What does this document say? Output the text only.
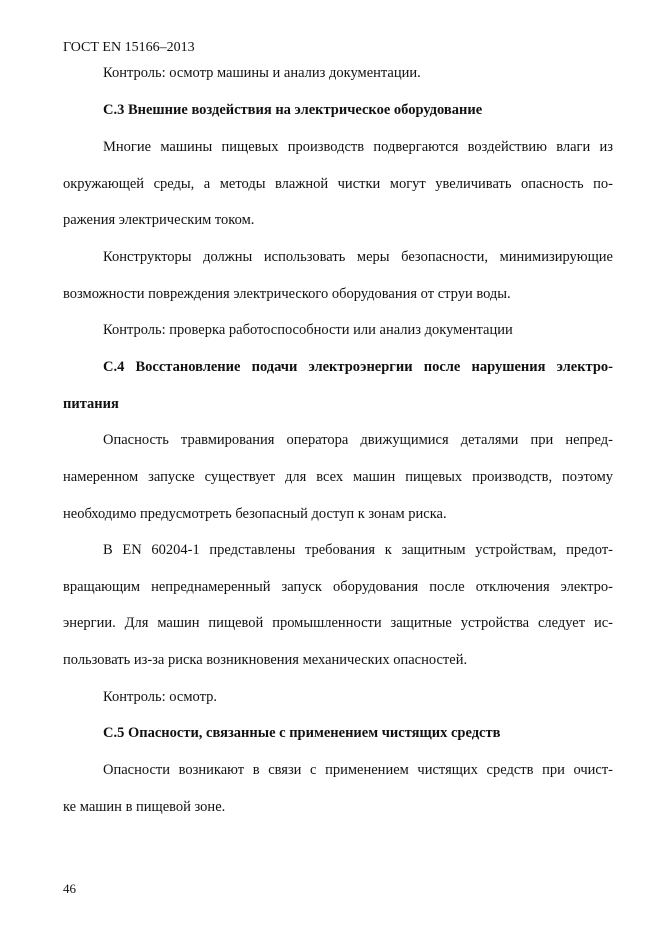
ГОСТ EN 15166–2013
Контроль: осмотр машины и анализ документации.
С.3 Внешние воздействия на электрическое оборудование
Многие машины пищевых производств подвергаются воздействию влаги из
окружающей среды, а методы влажной чистки могут увеличивать опасность по-
ражения электрическим током.
Конструкторы должны использовать меры безопасности, минимизирующие
возможности повреждения электрического оборудования от струи воды.
Контроль: проверка работоспособности или анализ документации
С.4 Восстановление подачи электроэнергии после нарушения электро-
питания
Опасность травмирования оператора движущимися деталями при непред-
намеренном запуске существует для всех машин пищевых производств, поэтому
необходимо предусмотреть безопасный доступ к зонам риска.
В EN 60204-1 представлены требования к защитным устройствам, предот-
вращающим непреднамеренный запуск оборудования после отключения электро-
энергии. Для машин пищевой промышленности защитные устройства следует ис-
пользовать из-за риска возникновения механических опасностей.
Контроль: осмотр.
С.5 Опасности, связанные с применением чистящих средств
Опасности возникают в связи с применением чистящих средств при очист-
ке машин в пищевой зоне.
46
